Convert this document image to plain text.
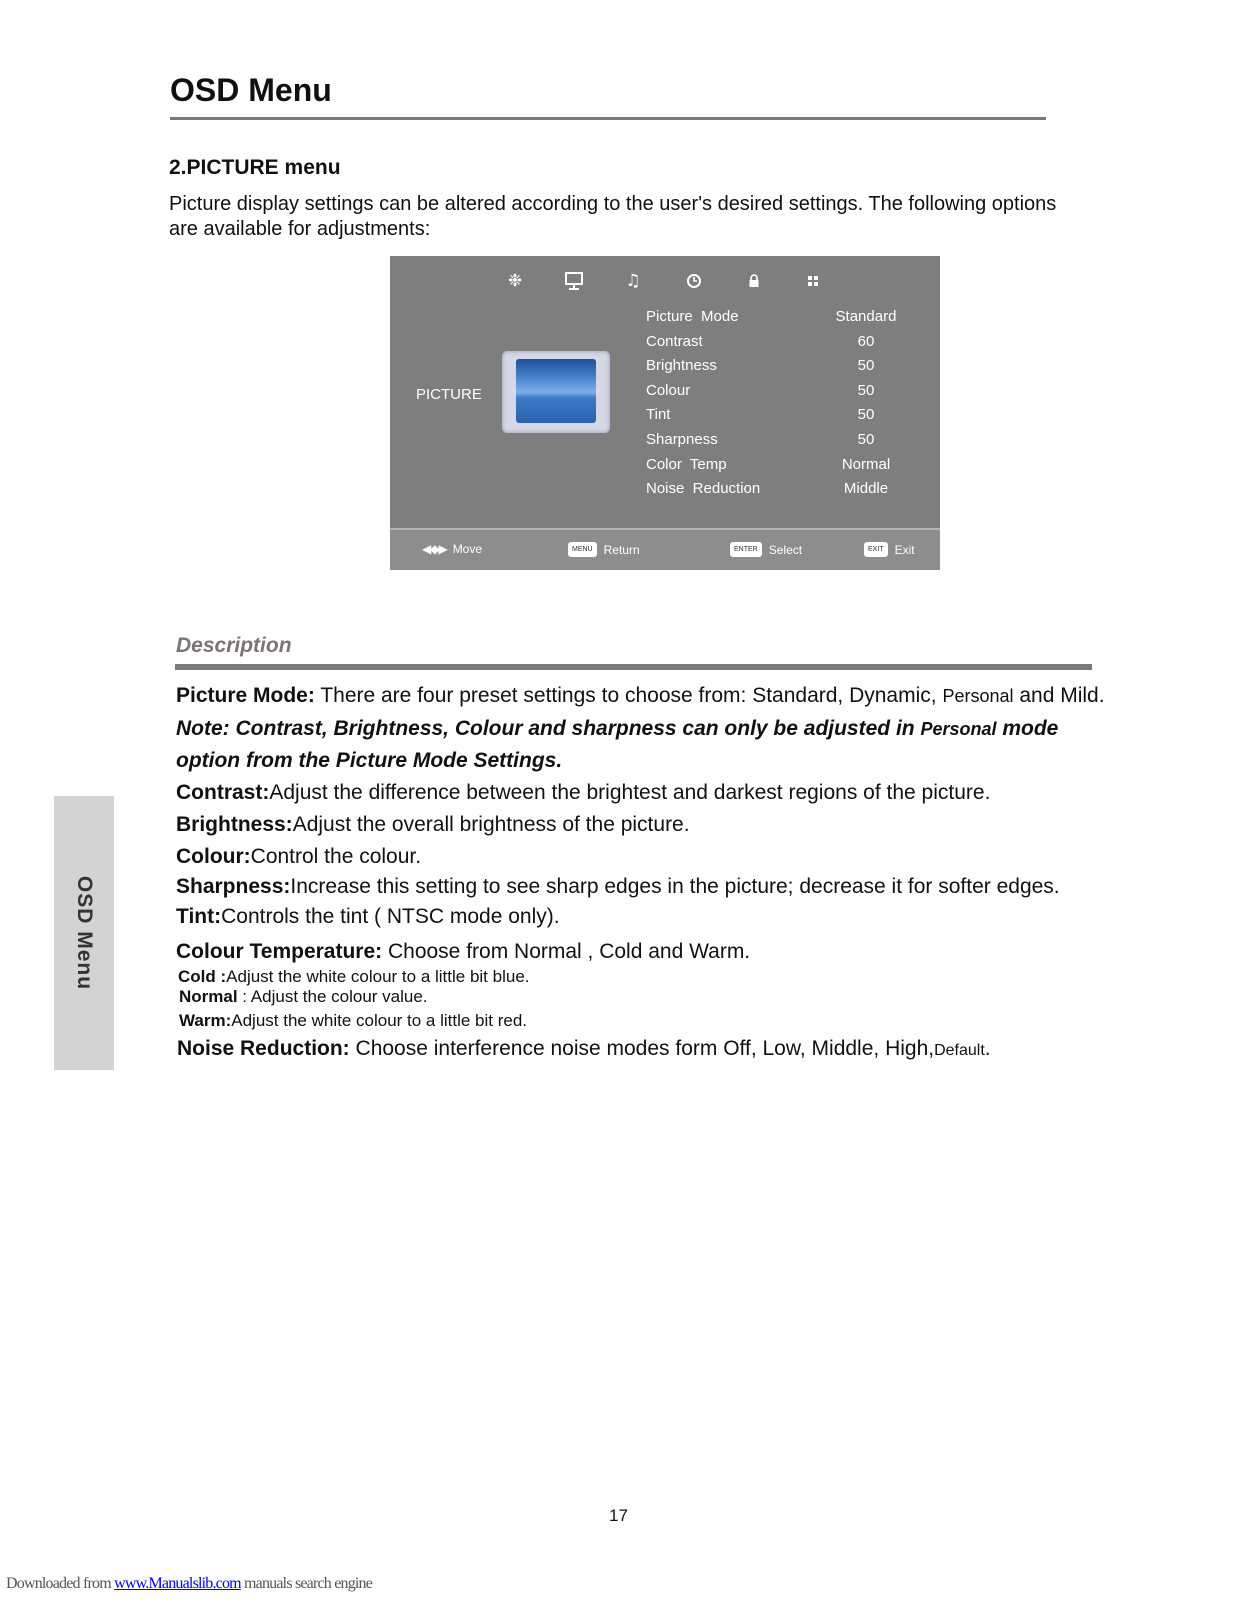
OSD Menu
2.PICTURE menu

Picture display settings can be altered according to the user's desired settings. The following options are available for adjustments:

❉	♫
PICTURE
Picture  Mode	Standard
Contrast	60
Brightness	50
Colour	50
Tint	50
Sharpness	50
Color  Temp	Normal
Noise  Reduction	Middle
◀◆▶ Move	MENU Return	ENTER Select	EXIT Exit
Description

Picture Mode: There are four preset settings to choose from: Standard, Dynamic, Personal and Mild.

Note: Contrast, Brightness, Colour and sharpness can only be adjusted in Personal mode

option from the Picture Mode Settings.

Contrast:Adjust the difference between the brightest and darkest regions of the picture.

Brightness:Adjust the overall brightness of the picture.

Colour:Control the colour.

Sharpness:Increase this setting to see sharp edges in the picture; decrease it for softer edges.

Tint:Controls the tint ( NTSC mode only).

Colour Temperature: Choose from Normal , Cold and Warm.

Cold :Adjust the white colour to a little bit blue.

Normal : Adjust the colour value.

Warm:Adjust the white colour to a little bit red.

Noise Reduction: Choose interference noise modes form Off, Low, Middle, High,Default.

OSD Menu
17
Downloaded from www.Manualslib.com manuals search engine
